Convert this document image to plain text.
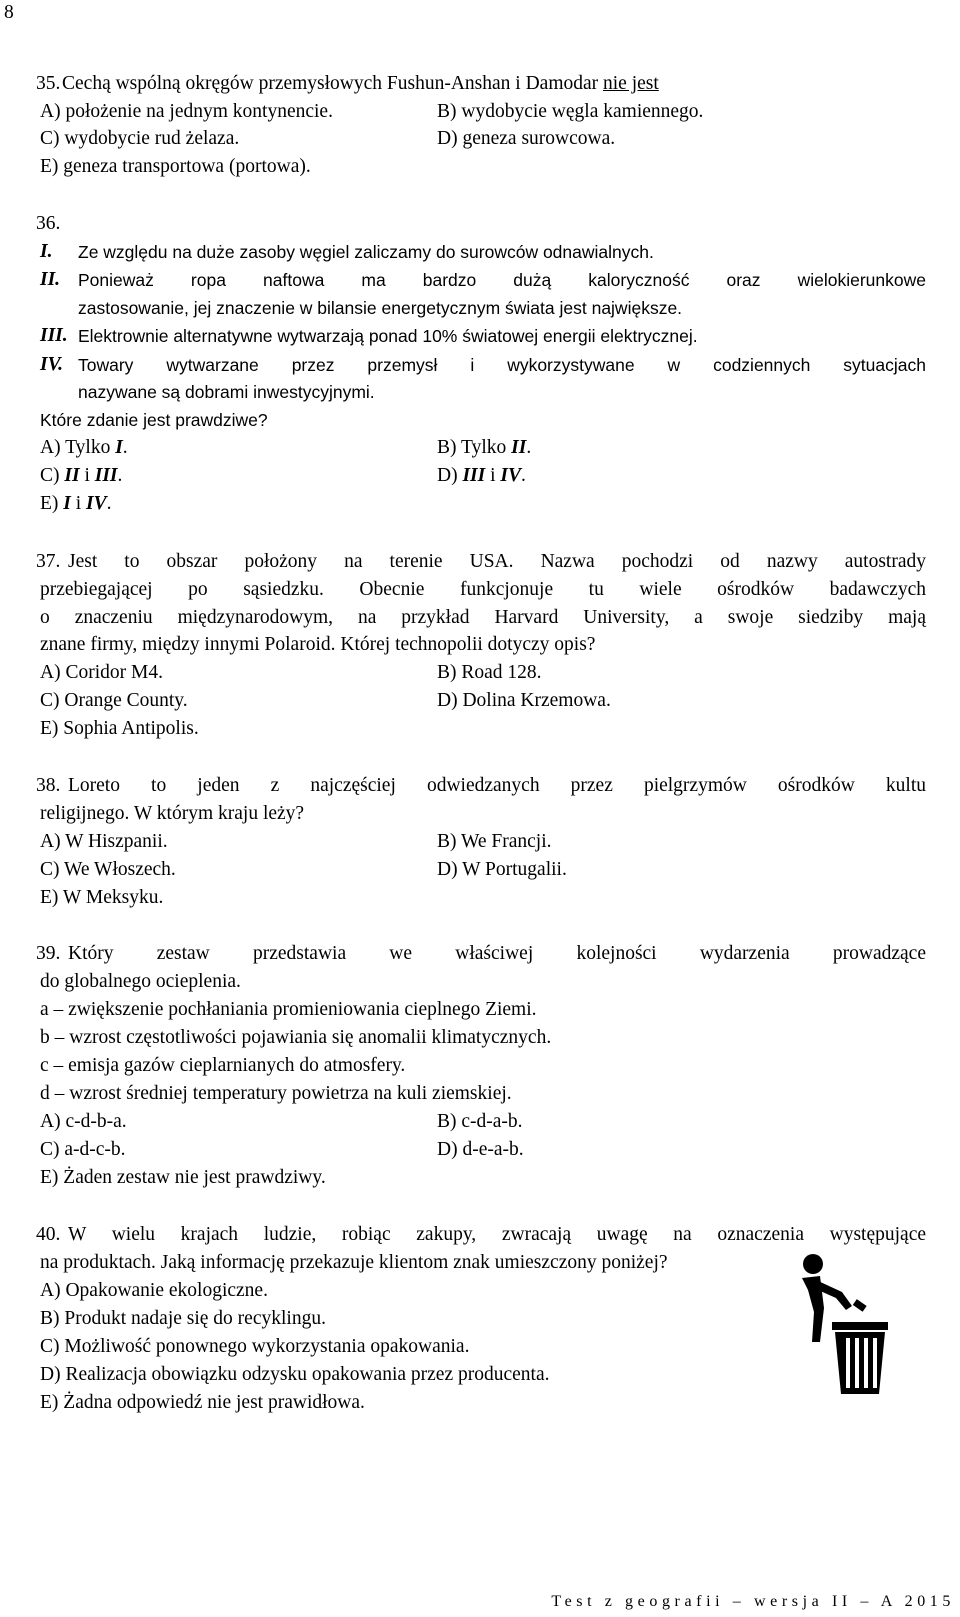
8
35. Cechą wspólną okręgów przemysłowych Fushun-Anshan i Damodar nie jest
A) położenie na jednym kontynencie.	B) wydobycie węgla kamiennego.
C) wydobycie rud żelaza.	D) geneza surowcowa.
E) geneza transportowa (portowa).
36.
I. Ze względu na duże zasoby węgiel zaliczamy do surowców odnawialnych.
II. Ponieważ ropa naftowa ma bardzo dużą kaloryczność oraz wielokierunkowe
zastosowanie, jej znaczenie w bilansie energetycznym świata jest największe.
III. Elektrownie alternatywne wytwarzają ponad 10% światowej energii elektrycznej.
IV. Towary wytwarzane przez przemysł i wykorzystywane w codziennych sytuacjach
nazywane są dobrami inwestycyjnymi.
Które zdanie jest prawdziwe?
A) Tylko I.	B) Tylko II.
C) II i III.	D) III i IV.
E) I i IV.
37. Jest to obszar położony na terenie USA. Nazwa pochodzi od nazwy autostrady
przebiegającej po sąsiedzku. Obecnie funkcjonuje tu wiele ośrodków badawczych
o znaczeniu międzynarodowym, na przykład Harvard University, a swoje siedziby mają
znane firmy, między innymi Polaroid. Której technopolii dotyczy opis?
A) Coridor M4.	B) Road 128.
C) Orange County.	D) Dolina Krzemowa.
E) Sophia Antipolis.
38. Loreto to jeden z najczęściej odwiedzanych przez pielgrzymów ośrodków kultu
religijnego. W którym kraju leży?
A) W Hiszpanii.	B) We Francji.
C) We Włoszech.	D) W Portugalii.
E) W Meksyku.
39. Który zestaw przedstawia we właściwej kolejności wydarzenia prowadzące
do globalnego ocieplenia.
a – zwiększenie pochłaniania promieniowania cieplnego Ziemi.
b – wzrost częstotliwości pojawiania się anomalii klimatycznych.
c – emisja gazów cieplarnianych do atmosfery.
d – wzrost średniej temperatury powietrza na kuli ziemskiej.
A) c-d-b-a.	B) c-d-a-b.
C) a-d-c-b.	D) d-e-a-b.
E) Żaden zestaw nie jest prawdziwy.
40. W wielu krajach ludzie, robiąc zakupy, zwracają uwagę na oznaczenia występujące
na produktach. Jaką informację przekazuje klientom znak umieszczony poniżej?
A) Opakowanie ekologiczne.
B) Produkt nadaje się do recyklingu.
C) Możliwość ponownego wykorzystania opakowania.
D) Realizacja obowiązku odzysku opakowania przez producenta.
E) Żadna odpowiedź nie jest prawidłowa.
Test z geografii – wersja II – A 2015
